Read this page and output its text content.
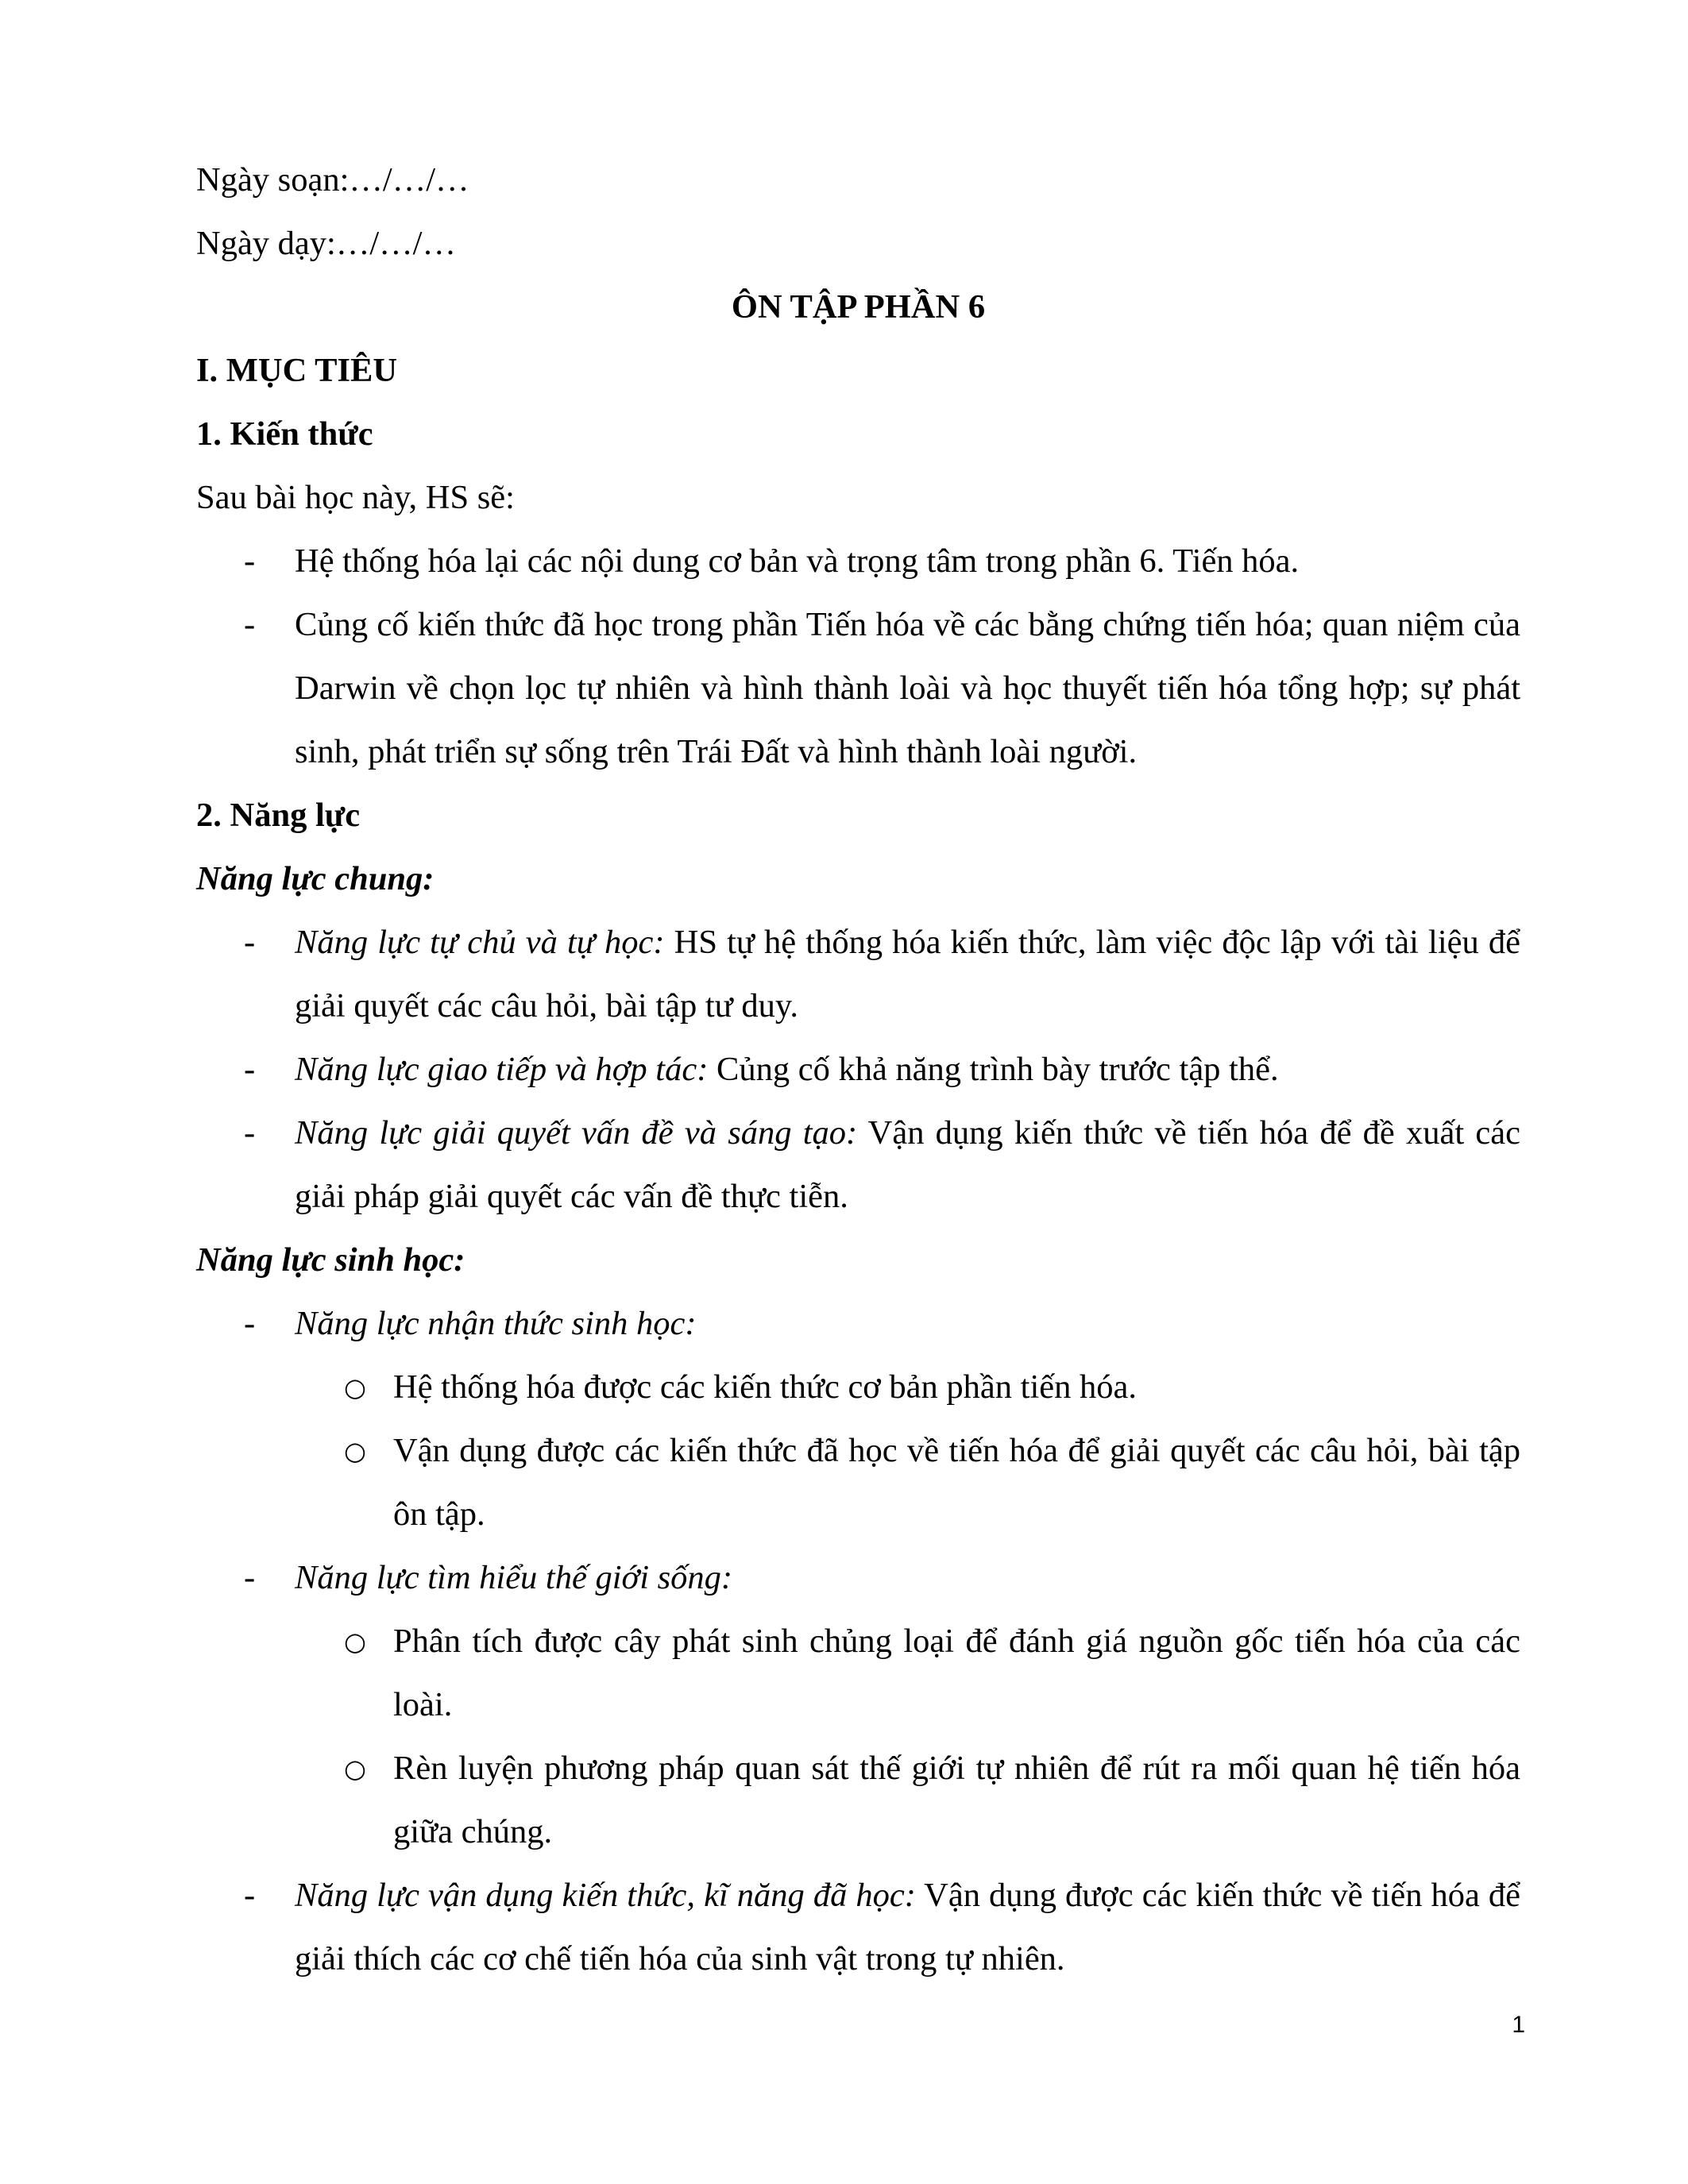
Ngày soạn:…/…/…

Ngày dạy:…/…/…

ÔN TẬP PHẦN 6

I. MỤC TIÊU

1. Kiến thức

Sau bài học này, HS sẽ:

- Hệ thống hóa lại các nội dung cơ bản và trọng tâm trong phần 6. Tiến hóa.
- Củng cố kiến thức đã học trong phần Tiến hóa về các bằng chứng tiến hóa; quan niệm của Darwin về chọn lọc tự nhiên và hình thành loài và học thuyết tiến hóa tổng hợp; sự phát sinh, phát triển sự sống trên Trái Đất và hình thành loài người.

2. Năng lực

Năng lực chung:

- Năng lực tự chủ và tự học: HS tự hệ thống hóa kiến thức, làm việc độc lập với tài liệu để giải quyết các câu hỏi, bài tập tư duy.
- Năng lực giao tiếp và hợp tác: Củng cố khả năng trình bày trước tập thể.
- Năng lực giải quyết vấn đề và sáng tạo: Vận dụng kiến thức về tiến hóa để đề xuất các giải pháp giải quyết các vấn đề thực tiễn.

Năng lực sinh học:

- Năng lực nhận thức sinh học:
○ Hệ thống hóa được các kiến thức cơ bản phần tiến hóa.
○ Vận dụng được các kiến thức đã học về tiến hóa để giải quyết các câu hỏi, bài tập ôn tập.
- Năng lực tìm hiểu thế giới sống:
○ Phân tích được cây phát sinh chủng loại để đánh giá nguồn gốc tiến hóa của các loài.
○ Rèn luyện phương pháp quan sát thế giới tự nhiên để rút ra mối quan hệ tiến hóa giữa chúng.
- Năng lực vận dụng kiến thức, kĩ năng đã học: Vận dụng được các kiến thức về tiến hóa để giải thích các cơ chế tiến hóa của sinh vật trong tự nhiên.
1
